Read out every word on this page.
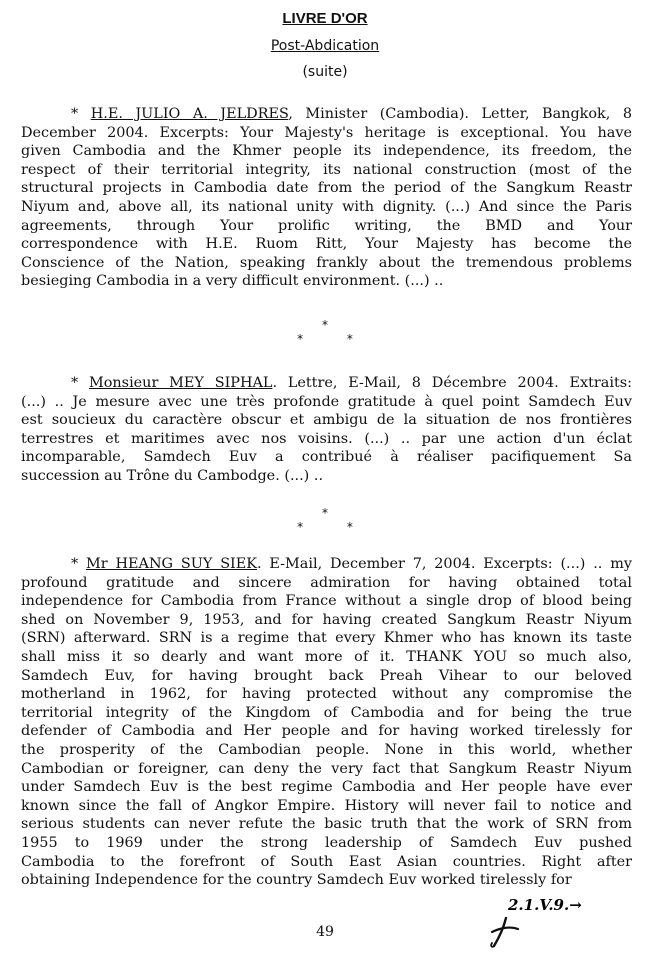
LIVRE D'OR
Post-Abdication
(suite)
* H.E. JULIO A. JELDRES, Minister (Cambodia). Letter, Bangkok, 8
December 2004. Excerpts: Your Majesty's heritage is exceptional. You have
given Cambodia and the Khmer people its independence, its freedom, the
respect of their territorial integrity, its national construction (most of the
structural projects in Cambodia date from the period of the Sangkum Reastr
Niyum and, above all, its national unity with dignity. (...) And since the Paris
agreements, through Your prolific writing, the BMD and Your
correspondence with H.E. Ruom Ritt, Your Majesty has become the
Conscience of the Nation, speaking frankly about the tremendous problems
besieging Cambodia in a very difficult environment. (...) ..
*
* *
* Monsieur MEY SIPHAL. Lettre, E-Mail, 8 Décembre 2004. Extraits:
(...) .. Je mesure avec une très profonde gratitude à quel point Samdech Euv
est soucieux du caractère obscur et ambigu de la situation de nos frontières
terrestres et maritimes avec nos voisins. (...) .. par une action d'un éclat
incomparable, Samdech Euv a contribué à réaliser pacifiquement Sa
succession au Trône du Cambodge. (...) ..
*
* *
* Mr HEANG SUY SIEK. E-Mail, December 7, 2004. Excerpts: (...) .. my
profound gratitude and sincere admiration for having obtained total
independence for Cambodia from France without a single drop of blood being
shed on November 9, 1953, and for having created Sangkum Reastr Niyum
(SRN) afterward. SRN is a regime that every Khmer who has known its taste
shall miss it so dearly and want more of it. THANK YOU so much also,
Samdech Euv, for having brought back Preah Vihear to our beloved
motherland in 1962, for having protected without any compromise the
territorial integrity of the Kingdom of Cambodia and for being the true
defender of Cambodia and Her people and for having worked tirelessly for
the prosperity of the Cambodian people. None in this world, whether
Cambodian or foreigner, can deny the very fact that Sangkum Reastr Niyum
under Samdech Euv is the best regime Cambodia and Her people have ever
known since the fall of Angkor Empire. History will never fail to notice and
serious students can never refute the basic truth that the work of SRN from
1955 to 1969 under the strong leadership of Samdech Euv pushed
Cambodia to the forefront of South East Asian countries. Right after
obtaining Independence for the country Samdech Euv worked tirelessly for
49
2.1.V.9.→
